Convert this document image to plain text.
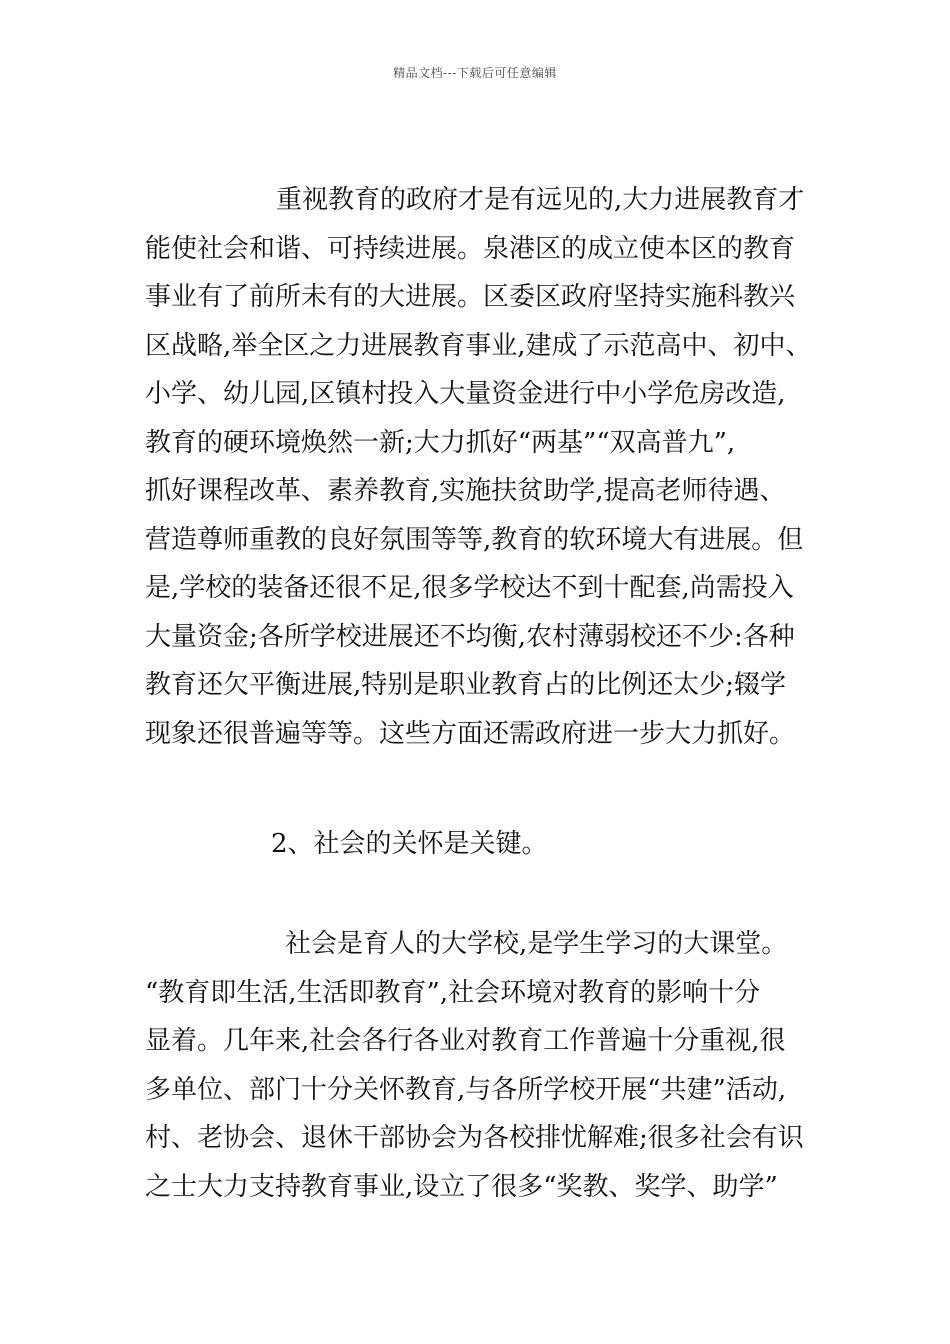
精品文档---下载后可任意编辑
重视教育的政府才是有远见的,大力进展教育才
能使社会和谐、可持续进展。泉港区的成立使本区的教育
事业有了前所未有的大进展。区委区政府坚持实施科教兴
区战略,举全区之力进展教育事业,建成了示范高中、初中、
小学、幼儿园,区镇村投入大量资金进行中小学危房改造,
教育的硬环境焕然一新;大力抓好“两基”“双高普九”,
抓好课程改革、素养教育,实施扶贫助学,提高老师待遇、
营造尊师重教的良好氛围等等,教育的软环境大有进展。但
是,学校的装备还很不足,很多学校达不到十配套,尚需投入
大量资金;各所学校进展还不均衡,农村薄弱校还不少:各种
教育还欠平衡进展,特别是职业教育占的比例还太少;辍学
现象还很普遍等等。这些方面还需政府进一步大力抓好。
2、社会的关怀是关键。
社会是育人的大学校,是学生学习的大课堂。
“教育即生活,生活即教育”,社会环境对教育的影响十分
显着。几年来,社会各行各业对教育工作普遍十分重视,很
多单位、部门十分关怀教育,与各所学校开展“共建”活动,
村、老协会、退休干部协会为各校排忧解难;很多社会有识
之士大力支持教育事业,设立了很多“奖教、奖学、助学”
